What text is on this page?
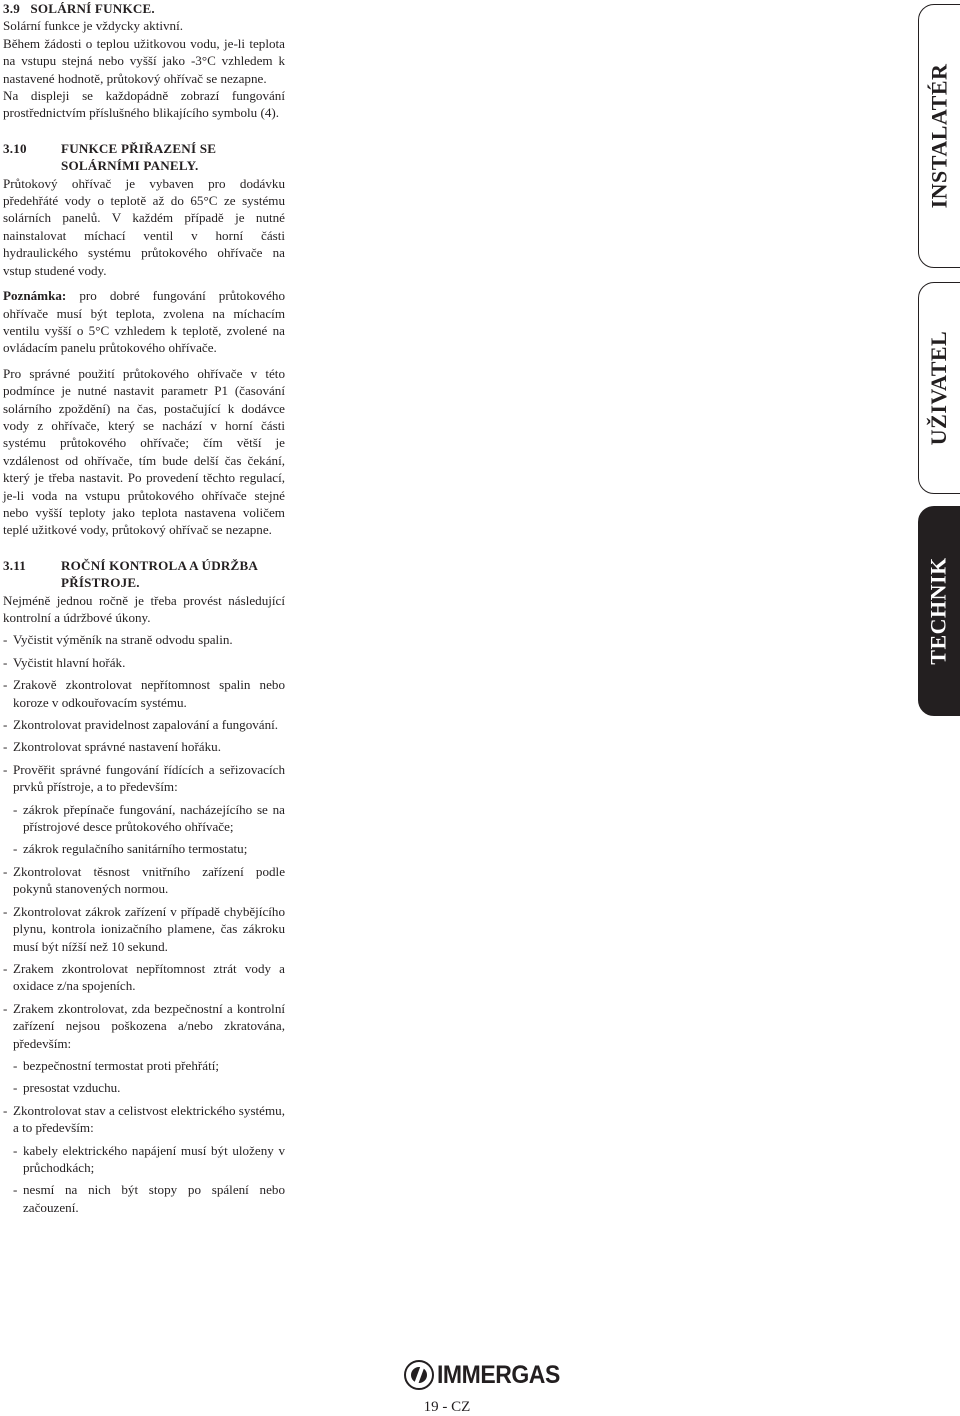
3.9 SOLÁRNÍ FUNKCE.

Solární funkce je vždycky aktivní.

Během žádosti o teplou užitkovou vodu, je-li teplota na vstupu stejná nebo vyšší jako -3°C vzhledem k nastavené hodnotě, průtokový ohřívač se nezapne.

Na displeji se každopádně zobrazí fungování prostřednictvím příslušného blikajícího symbolu (4).

3.10	FUNKCE PŘIŘAZENÍ SE SOLÁRNÍMI PANELY.

Průtokový ohřívač je vybaven pro dodávku předehřáté vody o teplotě až do 65°C ze systému solárních panelů. V každém případě je nutné nainstalovat míchací ventil v horní části hydraulického systému průtokového ohřívače na vstup studené vody.

Poznámka: pro dobré fungování průtokového ohřívače musí být teplota, zvolena na míchacím ventilu vyšší o 5°C vzhledem k teplotě, zvolené na ovládacím panelu průtokového ohřívače.

Pro správné použití průtokového ohřívače v této podmínce je nutné nastavit parametr P1 (časování solárního zpoždění) na čas, postačující k dodávce vody z ohřívače, který se nachází v horní části systému průtokového ohřívače; čím větší je vzdálenost od ohřívače, tím bude delší čas čekání, který je třeba nastavit. Po provedení těchto regulací, je-li voda na vstupu průtokového ohřívače stejné nebo vyšší teploty jako teplota nastavena voličem teplé užitkové vody, průtokový ohřívač se nezapne.

3.11	ROČNÍ KONTROLA A ÚDRŽBA PŘÍSTROJE.

Nejméně jednou ročně je třeba provést následující kontrolní a údržbové úkony.

- Vyčistit výměník na straně odvodu spalin.

- Vyčistit hlavní hořák.

- Zrakově zkontrolovat nepřítomnost spalin nebo koroze v odkouřovacím systému.

- Zkontrolovat pravidelnost zapalování a fungování.

- Zkontrolovat správné nastavení hořáku.

- Prověřit správné fungování řídících a seřizovacích prvků přístroje, a to především:

- zákrok přepínače fungování, nacházejícího se na přístrojové desce průtokového ohřívače;

- zákrok regulačního sanitárního termostatu;

- Zkontrolovat těsnost vnitřního zařízení podle pokynů stanovených normou.

- Zkontrolovat zákrok zařízení v případě chybějícího plynu, kontrola ionizačního plamene, čas zákroku musí být nížší než 10 sekund.

- Zrakem zkontrolovat nepřítomnost ztrát vody a oxidace z/na spojeních.

- Zrakem zkontrolovat, zda bezpečnostní a kontrolní zařízení nejsou poškozena a/nebo zkratována, především:

- bezpečnostní termostat proti přehřátí;

- presostat vzduchu.

- Zkontrolovat stav a celistvost elektrického systému, a to především:

- kabely elektrického napájení musí být uloženy v průchodkách;

- nesmí na nich být stopy po spálení nebo začouzení.

INSTALATÉR
UŽIVATEL
TECHNIK
IMMERGAS
19 - CZ
